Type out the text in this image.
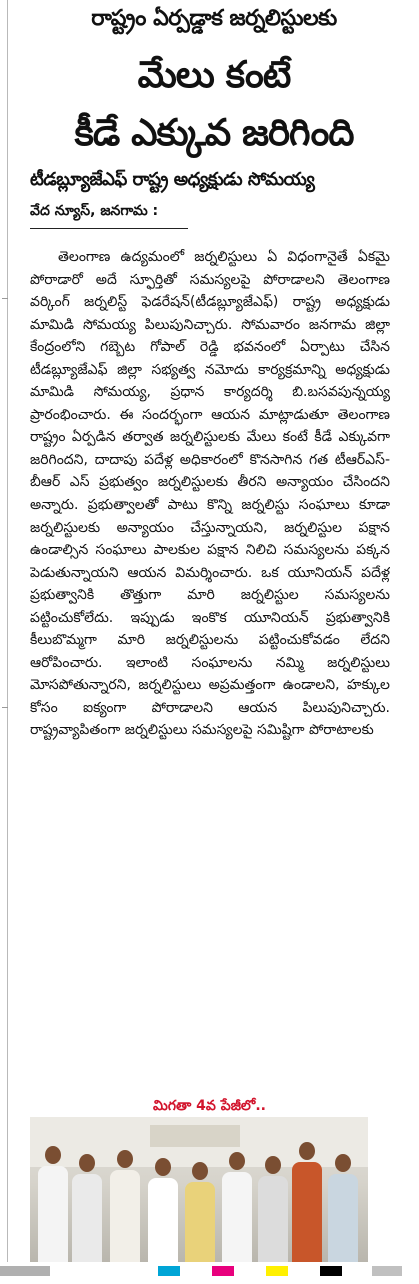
రాష్ట్రం ఏర్పడ్డాక జర్నలిస్టులకు
మేలు కంటే
కీడే ఎక్కువ జరిగింది
టీడబ్ల్యూజేఎఫ్ రాష్ట్ర అధ్యక్షుడు సోమయ్య
వేద న్యూస్, జనగామ :

తెలంగాణ ఉద్యమంలో జర్నలిస్టులు ఏ విధంగానైతే ఏకమై పోరాడారో అదే స్ఫూర్తితో సమస్యలపై పోరాడాలని తెలంగాణ వర్కింగ్ జర్నలిస్ట్ ఫెడరేషన్(టీడబ్ల్యూజేఎఫ్) రాష్ట్ర అధ్యక్షుడు మామిడి సోమయ్య పిలుపునిచ్చారు. సోమవారం జనగామ జిల్లా కేంద్రంలోని గబ్బెట గోపాల్ రెడ్డి భవనంలో ఏర్పాటు చేసిన టీడబ్ల్యూజేఎఫ్ జిల్లా సభ్యత్వ నమోదు కార్యక్రమాన్ని అధ్యక్షుడు మామిడి సోమయ్య, ప్రధాన కార్యదర్శి బి.బసవపున్నయ్య ప్రారంభించారు. ఈ సందర్భంగా ఆయన మాట్లాడుతూ తెలంగాణ రాష్ట్రం ఏర్పడిన తర్వాత జర్నలిస్టులకు మేలు కంటే కీడే ఎక్కువగా జరిగిందని, దాదాపు పదేళ్ల అధికారంలో కొనసాగిన గత టీఆర్ఎస్-బీఆర్ ఎస్ ప్రభుత్వం జర్నలిస్టులకు తీరని అన్యాయం చేసిందని అన్నారు. ప్రభుత్వాలతో పాటు కొన్ని జర్నలిస్టు సంఘాలు కూడా జర్నలిస్టులకు అన్యాయం చేస్తున్నాయని, జర్నలిస్టుల పక్షాన ఉండాల్సిన సంఘాలు పాలకుల పక్షాన నిలిచి సమస్యలను పక్కన పెడుతున్నాయని ఆయన విమర్శించారు. ఒక యూనియన్ పదేళ్ల ప్రభుత్వానికి తొత్తుగా మారి జర్నలిస్టుల సమస్యలను పట్టించుకోలేదు. ఇప్పుడు ఇంకొక యూనియన్ ప్రభుత్వానికి కీలుబొమ్మగా మారి జర్నలిస్టులను పట్టించుకోవడం లేదని ఆరోపించారు. ఇలాంటి సంఘాలను నమ్మి జర్నలిస్టులు మోసపోతున్నారని, జర్నలిస్టులు అప్రమత్తంగా ఉండాలని, హక్కుల కోసం ఐక్యంగా పోరాడాలని ఆయన పిలుపునిచ్చారు. రాష్ట్రవ్యాపితంగా జర్నలిస్టులు సమస్యలపై సమిష్టిగా పోరాటాలకు

మిగతా 4వ పేజీలో..
